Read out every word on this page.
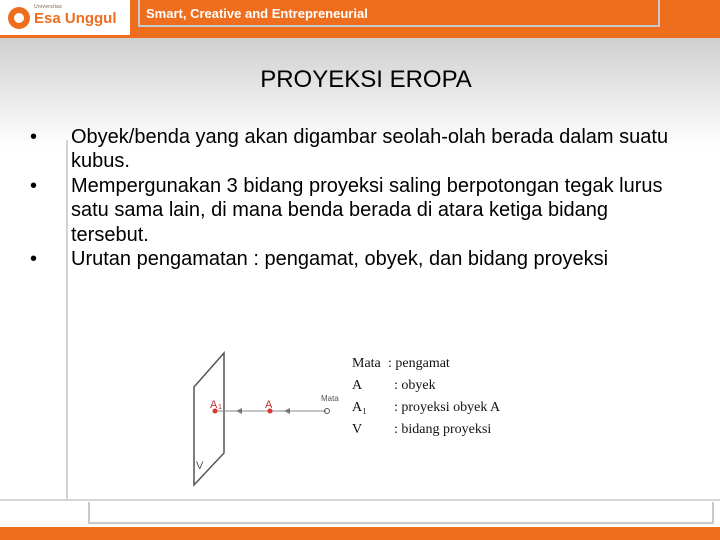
Universitas
Esa Unggul Smart, Creative and Entrepreneurial
PROYEKSI EROPA
• Obyek/benda yang akan digambar seolah-olah berada dalam suatu kubus.
• Mempergunakan 3 bidang proyeksi saling berpotongan tegak lurus satu sama lain, di mana benda berada di atara ketiga bidang tersebut.
• Urutan pengamatan : pengamat, obyek, dan bidang proyeksi
A 1	A
Mata
V
Mata : pengamat
A : obyek
A₁ : proyeksi obyek A
V : bidang proyeksi
